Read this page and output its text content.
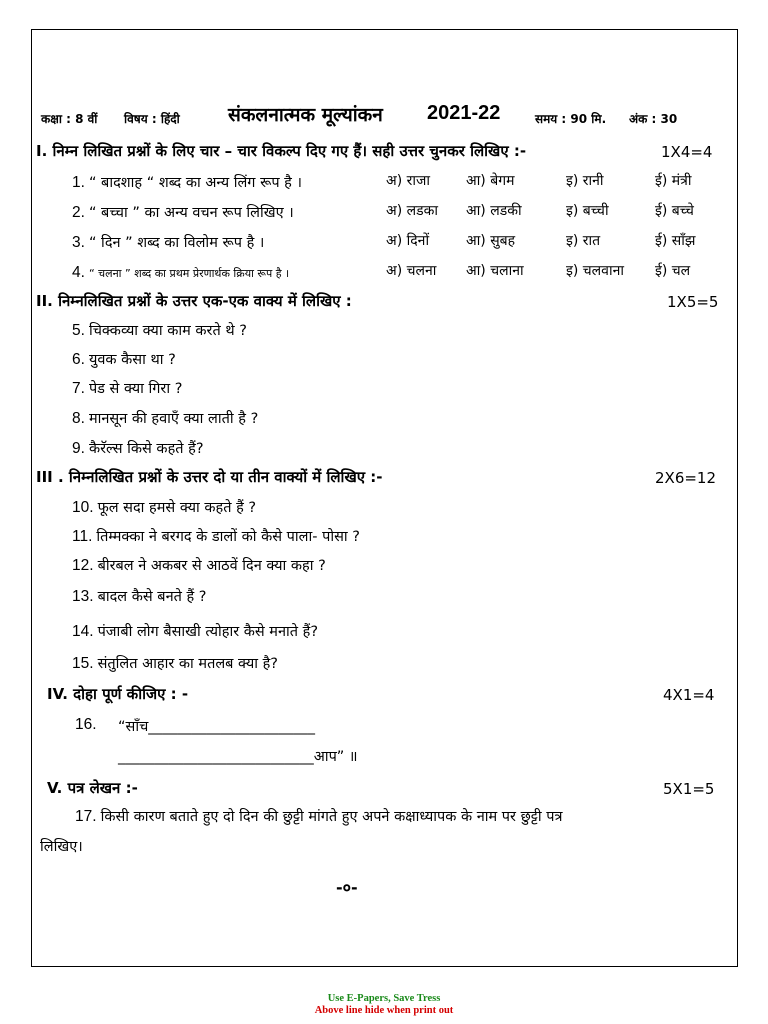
कक्षा : 8 वीं विषय : हिंदी	संकलनात्मक मूल्यांकन 2021-22	समय : 90 मि. अंक : 30
I. निम्न लिखित प्रश्नों के लिए चार – चार विकल्प दिए गए हैं। सही उत्तर चुनकर लिखिए :-	1X4=4
1. “ बादशाह “ शब्द का अन्य लिंग रूप है ।	अ) राजा	आ) बेगम	इ) रानी	ई) मंत्री
2. “ बच्चा ” का अन्य वचन रूप लिखिए ।	अ) लडका आ) लडकी	इ) बच्ची	ई) बच्चे
3. “ दिन ” शब्द का विलोम रूप है ।	अ) दिनों	आ) सुबह	इ) रात	ई) साँझ
4. “ चलना ” शब्द का प्रथम प्रेरणार्थक क्रिया रूप है ।	अ) चलना आ) चलाना	इ) चलवाना ई) चल
II. निम्नलिखित प्रश्नों के उत्तर एक-एक वाक्य में लिखिए :	1X5=5
5. चिक्कव्या क्या काम करते थे ?
6. युवक कैसा था ?
7. पेड से क्या गिरा ?
8. मानसून की हवाएँ क्या लाती है ?
9. कैरॅल्स किसे कहते हैं?
III . निम्नलिखित प्रश्नों के उत्तर दो या तीन वाक्यों में लिखिए :-	2X6=12
10. फूल सदा हमसे क्या कहते हैं ?
11. तिम्मक्का ने बरगद के डालों को कैसे पाला- पोसा ?
12. बीरबल ने अकबर से आठवें दिन क्या कहा ?
13. बादल कैसे बनते हैं ?
14. पंजाबी लोग बैसाखी त्योहार कैसे मनाते हैं?
15. संतुलित आहार का मतलब क्या है?
IV. दोहा पूर्ण कीजिए : -	4X1=4
16. “साँच_______________________
___________________________आप” ॥
V. पत्र लेखन :-	5X1=5
17. किसी कारण बताते हुए दो दिन की छुट्टी मांगते हुए अपने कक्षाध्यापक के नाम पर छुट्टी पत्र
लिखिए।
-०-
Use E-Papers, Save Tress
Above line hide when print out
